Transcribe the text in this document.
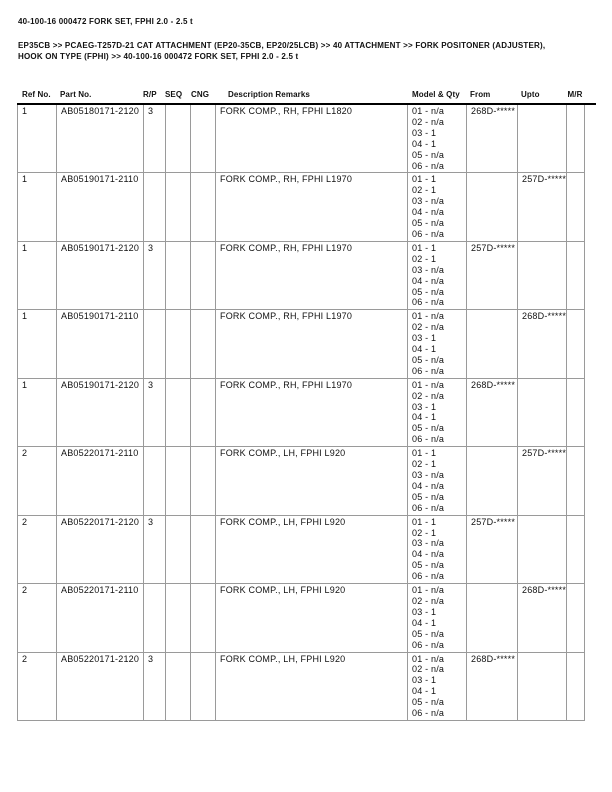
40-100-16 000472 FORK SET, FPHI 2.0 - 2.5 t
EP35CB >> PCAEG-T257D-21 CAT ATTACHMENT (EP20-35CB, EP20/25LCB) >> 40 ATTACHMENT >> FORK POSITONER (ADJUSTER),
HOOK ON TYPE (FPHI) >> 40-100-16 000472 FORK SET, FPHI 2.0 - 2.5 t
Ref No.	Part No.	R/P	SEQ	CNG	Description Remarks	Model & Qty	From	Upto	M/R
1	AB05180171-2120	3			FORK COMP., RH, FPHI L1820	01 - n/a
02 - n/a
03 - 1
04 - 1
05 - n/a
06 - n/a
	268D-*****		
1	AB05190171-2110				FORK COMP., RH, FPHI L1970	01 - 1
02 - 1
03 - n/a
04 - n/a
05 - n/a
06 - n/a
		257D-*****	
1	AB05190171-2120	3			FORK COMP., RH, FPHI L1970	01 - 1
02 - 1
03 - n/a
04 - n/a
05 - n/a
06 - n/a
	257D-*****		
1	AB05190171-2110				FORK COMP., RH, FPHI L1970	01 - n/a
02 - n/a
03 - 1
04 - 1
05 - n/a
06 - n/a
		268D-*****	
1	AB05190171-2120	3			FORK COMP., RH, FPHI L1970	01 - n/a
02 - n/a
03 - 1
04 - 1
05 - n/a
06 - n/a
	268D-*****		
2	AB05220171-2110				FORK COMP., LH, FPHI L920	01 - 1
02 - 1
03 - n/a
04 - n/a
05 - n/a
06 - n/a
		257D-*****	
2	AB05220171-2120	3			FORK COMP., LH, FPHI L920	01 - 1
02 - 1
03 - n/a
04 - n/a
05 - n/a
06 - n/a
	257D-*****		
2	AB05220171-2110				FORK COMP., LH, FPHI L920	01 - n/a
02 - n/a
03 - 1
04 - 1
05 - n/a
06 - n/a
		268D-*****	
2	AB05220171-2120	3			FORK COMP., LH, FPHI L920	01 - n/a
02 - n/a
03 - 1
04 - 1
05 - n/a
06 - n/a
	268D-*****		
